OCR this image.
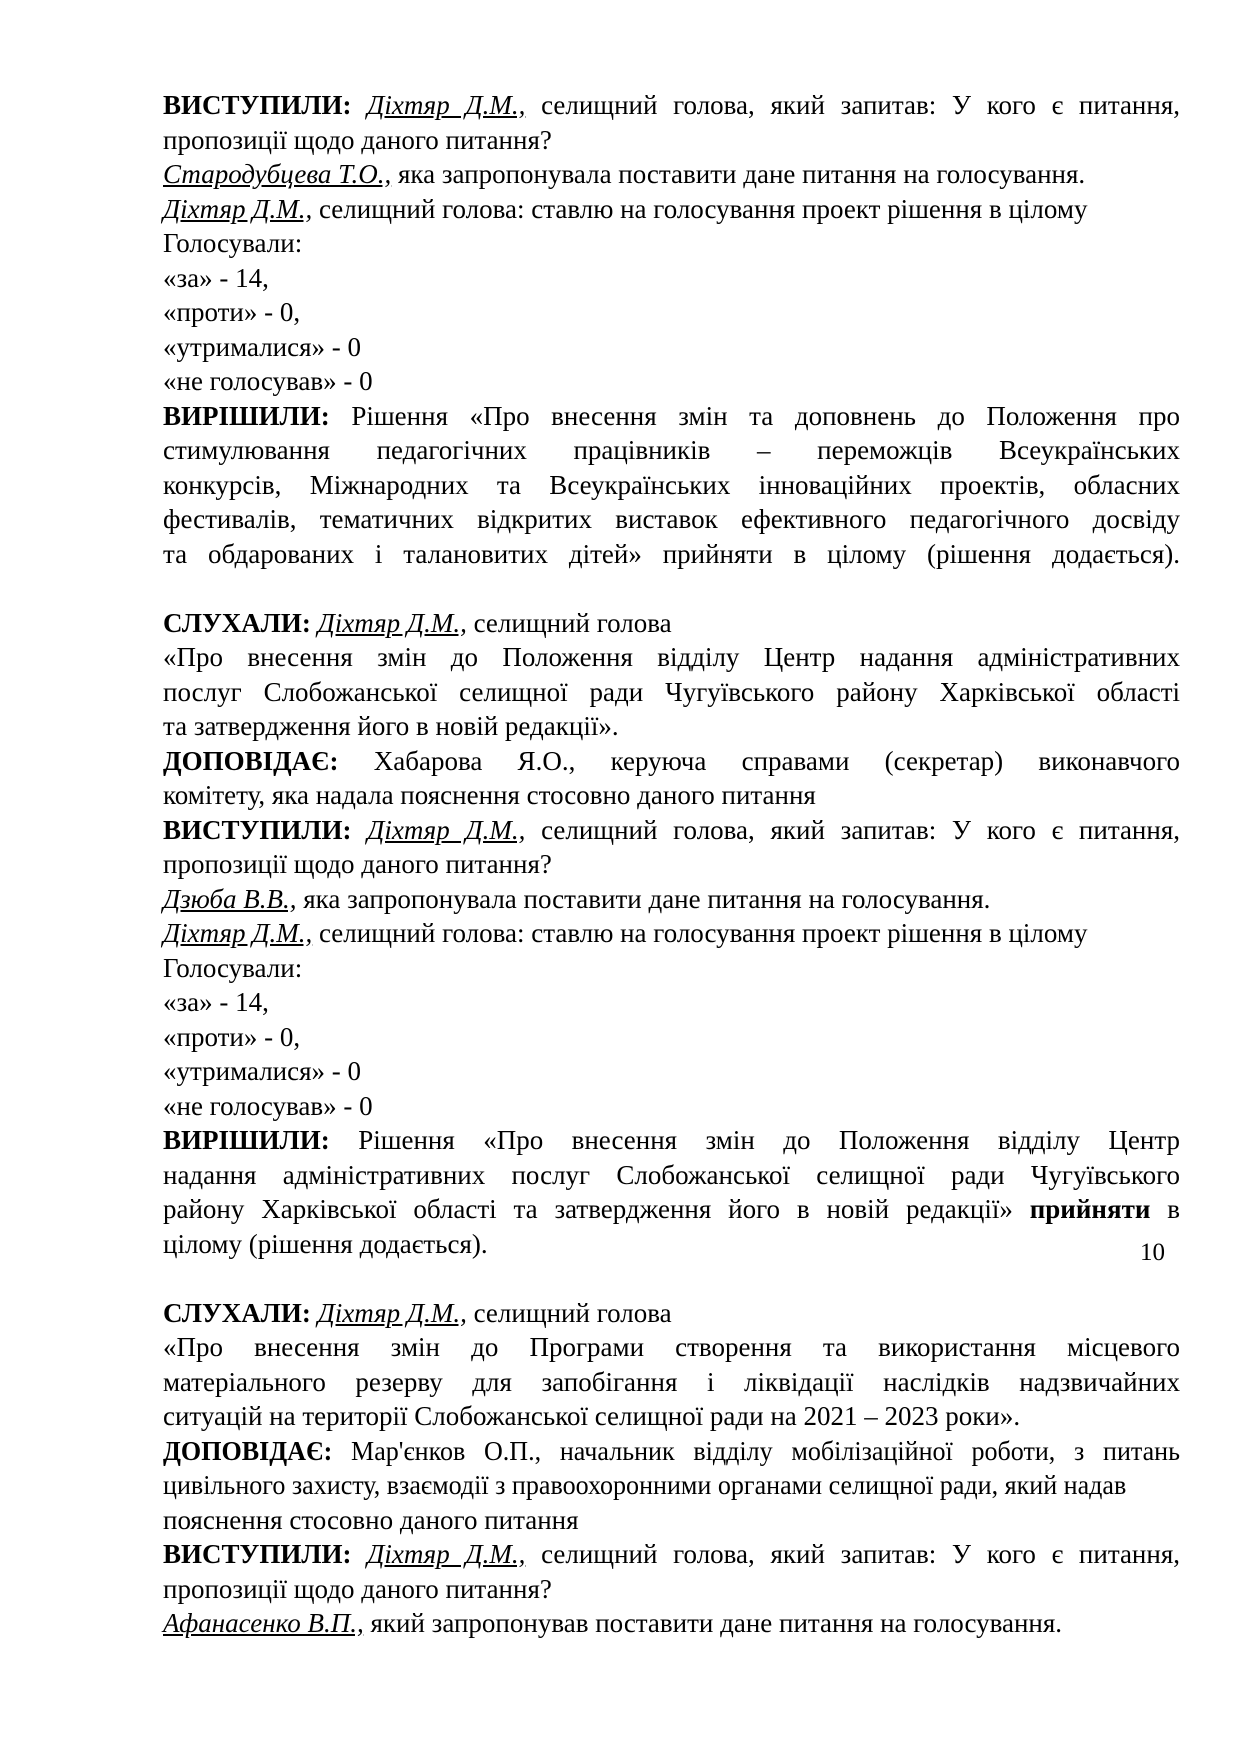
ВИСТУПИЛИ: Діхтяр Д.М., селищний голова, який запитав: У кого є питання,

пропозиції щодо даного питання?

Стародубцева Т.О., яка запропонувала поставити дане питання на голосування.

Діхтяр Д.М., селищний голова: ставлю на голосування проект рішення в цілому

Голосували:

«за» - 14,

«проти» - 0,

«утрималися» - 0

«не голосував» - 0

ВИРІШИЛИ: Рішення «Про внесення змін та доповнень до Положення про

стимулювання педагогічних працівників – переможців Всеукраїнських

конкурсів, Міжнародних та Всеукраїнських інноваційних проектів, обласних

фестивалів, тематичних відкритих виставок ефективного педагогічного досвіду

та обдарованих і талановитих дітей» прийняти в цілому (рішення додається).

СЛУХАЛИ: Діхтяр Д.М., селищний голова

«Про внесення змін до Положення відділу Центр надання адміністративних

послуг Слобожанської селищної ради Чугуївського району Харківської області

та затвердження його в новій редакції».

ДОПОВІДАЄ: Хабарова Я.О., керуюча справами (секретар) виконавчого

комітету, яка надала пояснення стосовно даного питання

ВИСТУПИЛИ: Діхтяр Д.М., селищний голова, який запитав: У кого є питання,

пропозиції щодо даного питання?

Дзюба В.В., яка запропонувала поставити дане питання на голосування.

Діхтяр Д.М., селищний голова: ставлю на голосування проект рішення в цілому

Голосували:

«за» - 14,

«проти» - 0,

«утрималися» - 0

«не голосував» - 0

ВИРІШИЛИ: Рішення «Про внесення змін до Положення відділу Центр

надання адміністративних послуг Слобожанської селищної ради Чугуївського

району Харківської області та затвердження його в новій редакції» прийняти в

цілому (рішення додається).

СЛУХАЛИ: Діхтяр Д.М., селищний голова

«Про внесення змін до Програми створення та використання місцевого

матеріального резерву для запобігання і ліквідації наслідків надзвичайних

ситуацій на території Слобожанської селищної ради на 2021 – 2023 роки».

ДОПОВІДАЄ: Мар'єнков О.П., начальник відділу мобілізаційної роботи, з питань

цивільного захисту, взаємодії з правоохоронними органами селищної ради, який надав

пояснення стосовно даного питання

ВИСТУПИЛИ: Діхтяр Д.М., селищний голова, який запитав: У кого є питання,

пропозиції щодо даного питання?

Афанасенко В.П., який запропонував поставити дане питання на голосування.

10
